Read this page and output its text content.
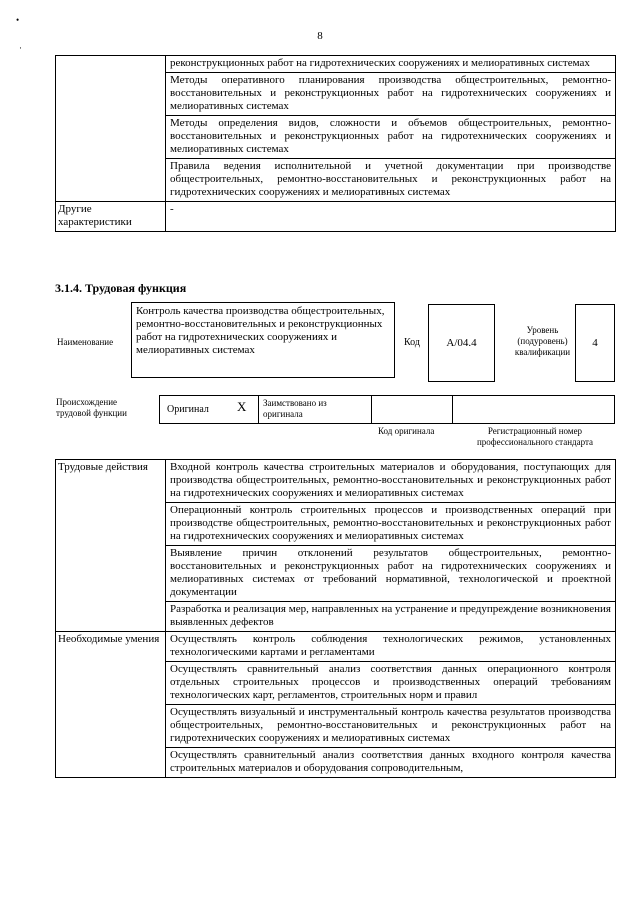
8
•
·
	реконструкционных работ на гидротехнических сооружениях и мелиоративных системах
	Методы оперативного планирования производства общестроительных, ремонтно-восстановительных и реконструкционных работ на гидротехнических сооружениях и мелиоративных системах
	Методы определения видов, сложности и объемов общестроительных, ремонтно-восстановительных и реконструкционных работ на гидротехнических сооружениях и мелиоративных системах
	Правила ведения исполнительной и учетной документации при производстве общестроительных, ремонтно-восстановительных и реконструкционных работ на гидротехнических сооружениях и мелиоративных системах
Другие характеристики	-
3.1.4. Трудовая функция
Наименование
Контроль качества производства общестроительных, ремонтно-восстановительных и реконструкционных работ на гидротехнических сооружениях и мелиоративных системах
Код А/04.4
Уровень (подуровень) квалификации
4
Происхождение трудовой функции	Оригинал X Заимствовано из оригинала
Код оригинала	Регистрационный номер профессионального стандарта
Трудовые действия	Входной контроль качества строительных материалов и оборудования, поступающих для производства общестроительных, ремонтно-восстановительных и реконструкционных работ на гидротехнических сооружениях и мелиоративных системах
	Операционный контроль строительных процессов и производственных операций при производстве общестроительных, ремонтно-восстановительных и реконструкционных работ на гидротехнических сооружениях и мелиоративных системах
	Выявление причин отклонений результатов общестроительных, ремонтно-восстановительных и реконструкционных работ на гидротехнических сооружениях и мелиоративных системах от требований нормативной, технологической и проектной документации
	Разработка и реализация мер, направленных на устранение и предупреждение возникновения выявленных дефектов
Необходимые умения	Осуществлять контроль соблюдения технологических режимов, установленных технологическими картами и регламентами
	Осуществлять сравнительный анализ соответствия данных операционного контроля отдельных строительных процессов и производственных операций требованиям технологических карт, регламентов, строительных норм и правил
	Осуществлять визуальный и инструментальный контроль качества результатов производства общестроительных, ремонтно-восстановительных и реконструкционных работ на гидротехнических сооружениях и мелиоративных системах
	Осуществлять сравнительный анализ соответствия данных входного контроля качества строительных материалов и оборудования сопроводительным,
